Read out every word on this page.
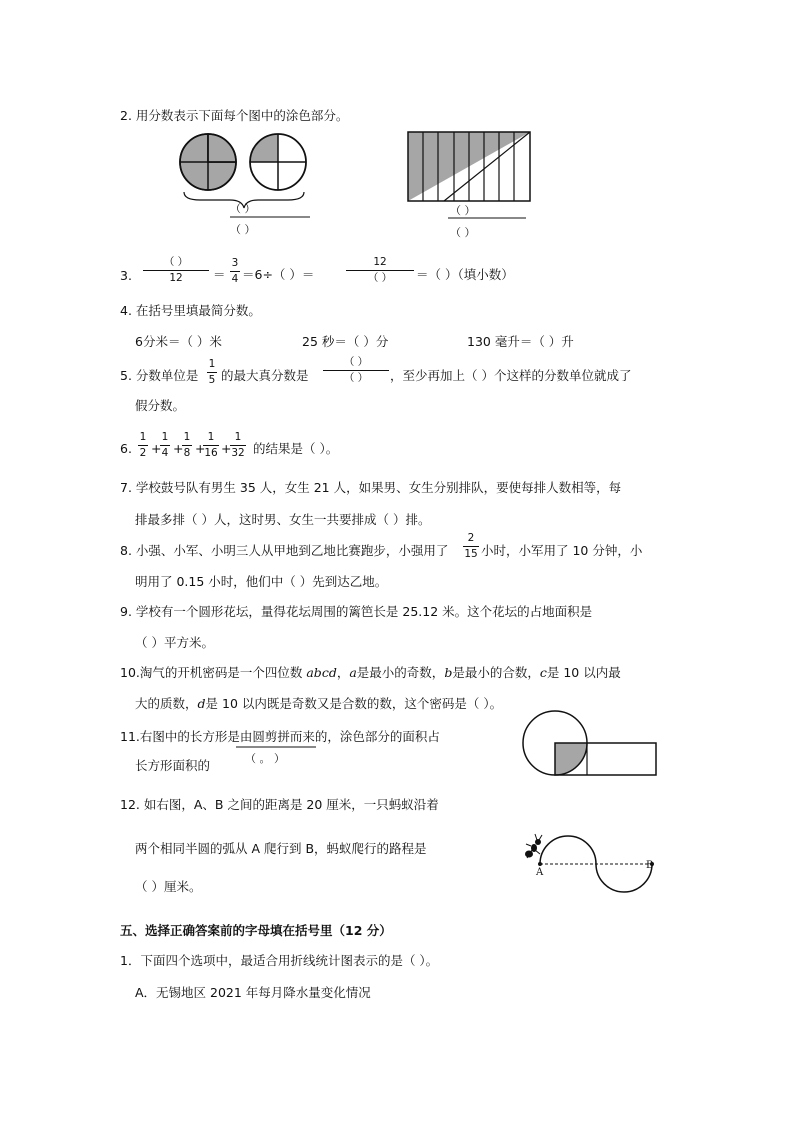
2. 用分数表示下面每个图中的涂色部分。
（ ）
（ ）
（ ）
（ ）
3.
（ ）
12 ＝
3
4 ＝6÷（ ）＝
12
（ ） ＝（ ）（填小数）
4. 在括号里填最简分数。
6分米＝（ ）米	25 秒＝（ ）分	130 毫升＝（ ）升
5. 分数单位是
1
5 的最大真分数是
（ ）
（ ） ，至少再加上（ ）个这样的分数单位就成了
假分数。
6.
1
2 +
1
4 +
1
8 +
1
16 +
1
32 的结果是（ ）。
7. 学校鼓号队有男生 35 人，女生 21 人，如果男、女生分别排队，要使每排人数相等，每
排最多排（ ）人，这时男、女生一共要排成（ ）排。
8. 小强、小军、小明三人从甲地到乙地比赛跑步，小强用了
2
15 小时，小军用了 10 分钟，小
明用了 0.15 小时，他们中（ ）先到达乙地。
9. 学校有一个圆形花坛，量得花坛周围的篱笆长是 25.12 米。这个花坛的占地面积是
（ ）平方米。
10.淘气的开机密码是一个四位数 abcd，a是最小的奇数，b是最小的合数，c是 10 以内最
大的质数，d是 10 以内既是奇数又是合数的数，这个密码是（ ）。
11.右图中的长方形是由圆剪拼而来的，涂色部分的面积占
长方形面积的	（ 。 ）
12. 如右图，A、B 之间的距离是 20 厘米，一只蚂蚁沿着
两个相同半圆的弧从 A 爬行到 B，蚂蚁爬行的路程是
（ ）厘米。
A
B
五、选择正确答案前的字母填在括号里（12 分）
1．下面四个选项中，最适合用折线统计图表示的是（ ）。
A．无锡地区 2021 年每月降水量变化情况
